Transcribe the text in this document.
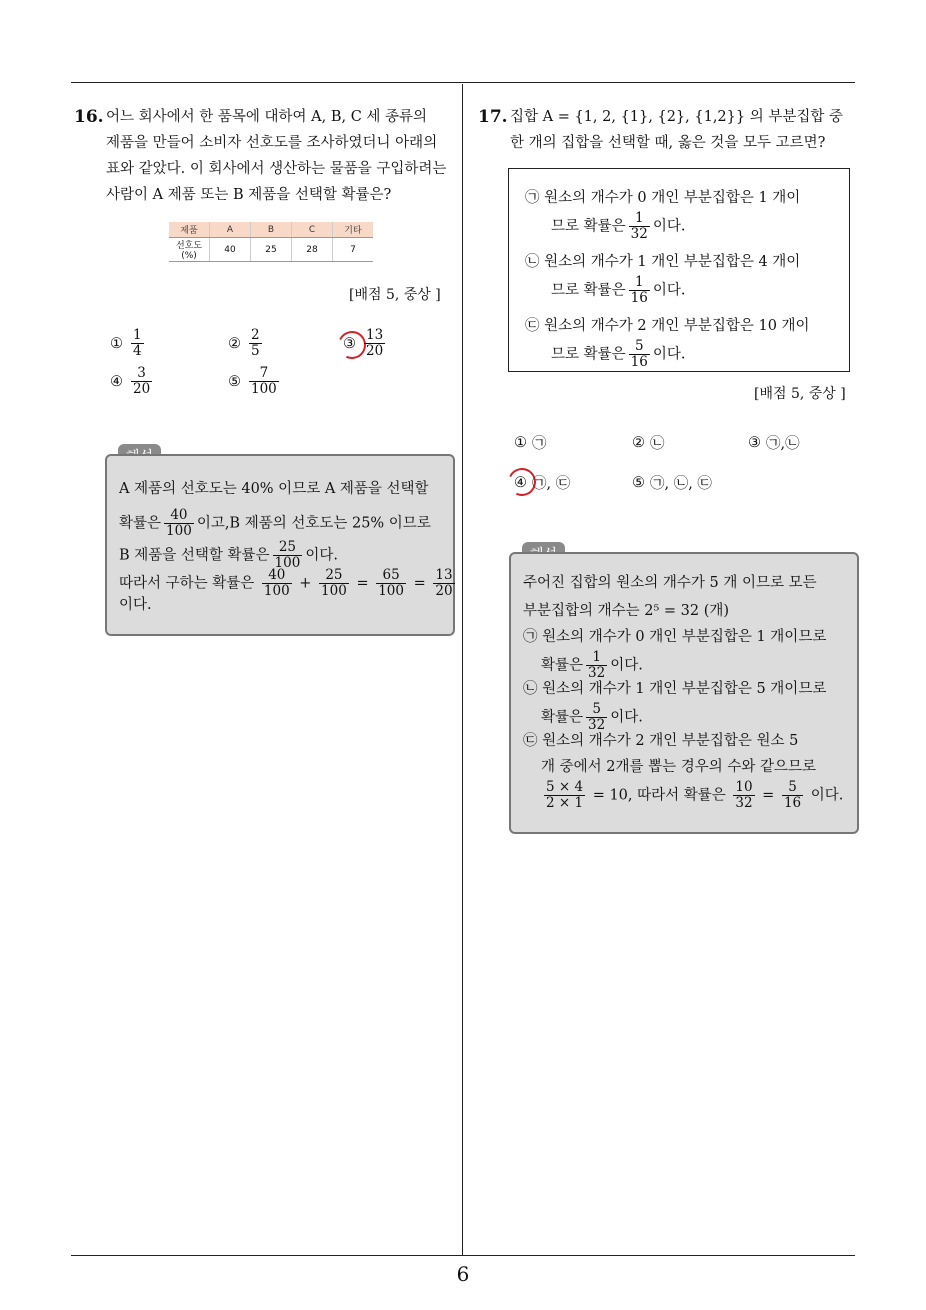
16. 어느 회사에서 한 품목에 대하여 A, B, C 세 종류의
제품을 만들어 소비자 선호도를 조사하였더니 아래의
표와 같았다. 이 회사에서 생산하는 물품을 구입하려는
사람이 A 제품 또는 B 제품을 선택할 확률은?
제품	A	B	C	기타
선호도(%)	40	25	28	7
[배점 5, 중상 ]
① $\frac{1}{4}$	② $\frac{2}{5}$	③ $\frac{13}{20}$
④ $\frac{3}{20}$	⑤ $\frac{7}{100}$
A 제품의 선호도는 40% 이므로 A 제품을 선택할
확률은 $\frac{40}{100}$ 이고,B 제품의 선호도는 25% 이므로
B 제품을 선택할 확률은 $\frac{25}{100}$ 이다.
따라서 구하는 확률은 $\frac{40}{100} + \frac{25}{100} = \frac{65}{100} = \frac{13}{20}$
이다.
17. 집합 A = {1, 2, {1}, {2}, {1,2}} 의 부분집합 중
한 개의 집합을 선택할 때, 옳은 것을 모두 고르면?
㉠ 원소의 개수가 0 개인 부분집합은 1 개이
므로 확률은 $\frac{1}{32}$ 이다.
㉡ 원소의 개수가 1 개인 부분집합은 4 개이
므로 확률은 $\frac{1}{16}$ 이다.
㉢ 원소의 개수가 2 개인 부분집합은 10 개이
므로 확률은 $\frac{5}{16}$ 이다.
[배점 5, 중상 ]
① ㉠	② ㉡	③ ㉠,㉡
④ ㉠, ㉢	⑤ ㉠, ㉡, ㉢
주어진 집합의 원소의 개수가 5 개 이므로 모든
부분집합의 개수는 2⁵ = 32 (개)
㉠ 원소의 개수가 0 개인 부분집합은 1 개이므로
확률은 $\frac{1}{32}$ 이다.
㉡ 원소의 개수가 1 개인 부분집합은 5 개이므로
확률은 $\frac{5}{32}$ 이다.
㉢ 원소의 개수가 2 개인 부분집합은 원소 5
개 중에서 2개를 뽑는 경우의 수와 같으므로
$\frac{5 \times 4}{2 \times 1} = 10$, 따라서 확률은 $\frac{10}{32} = \frac{5}{16}$ 이다.
6
